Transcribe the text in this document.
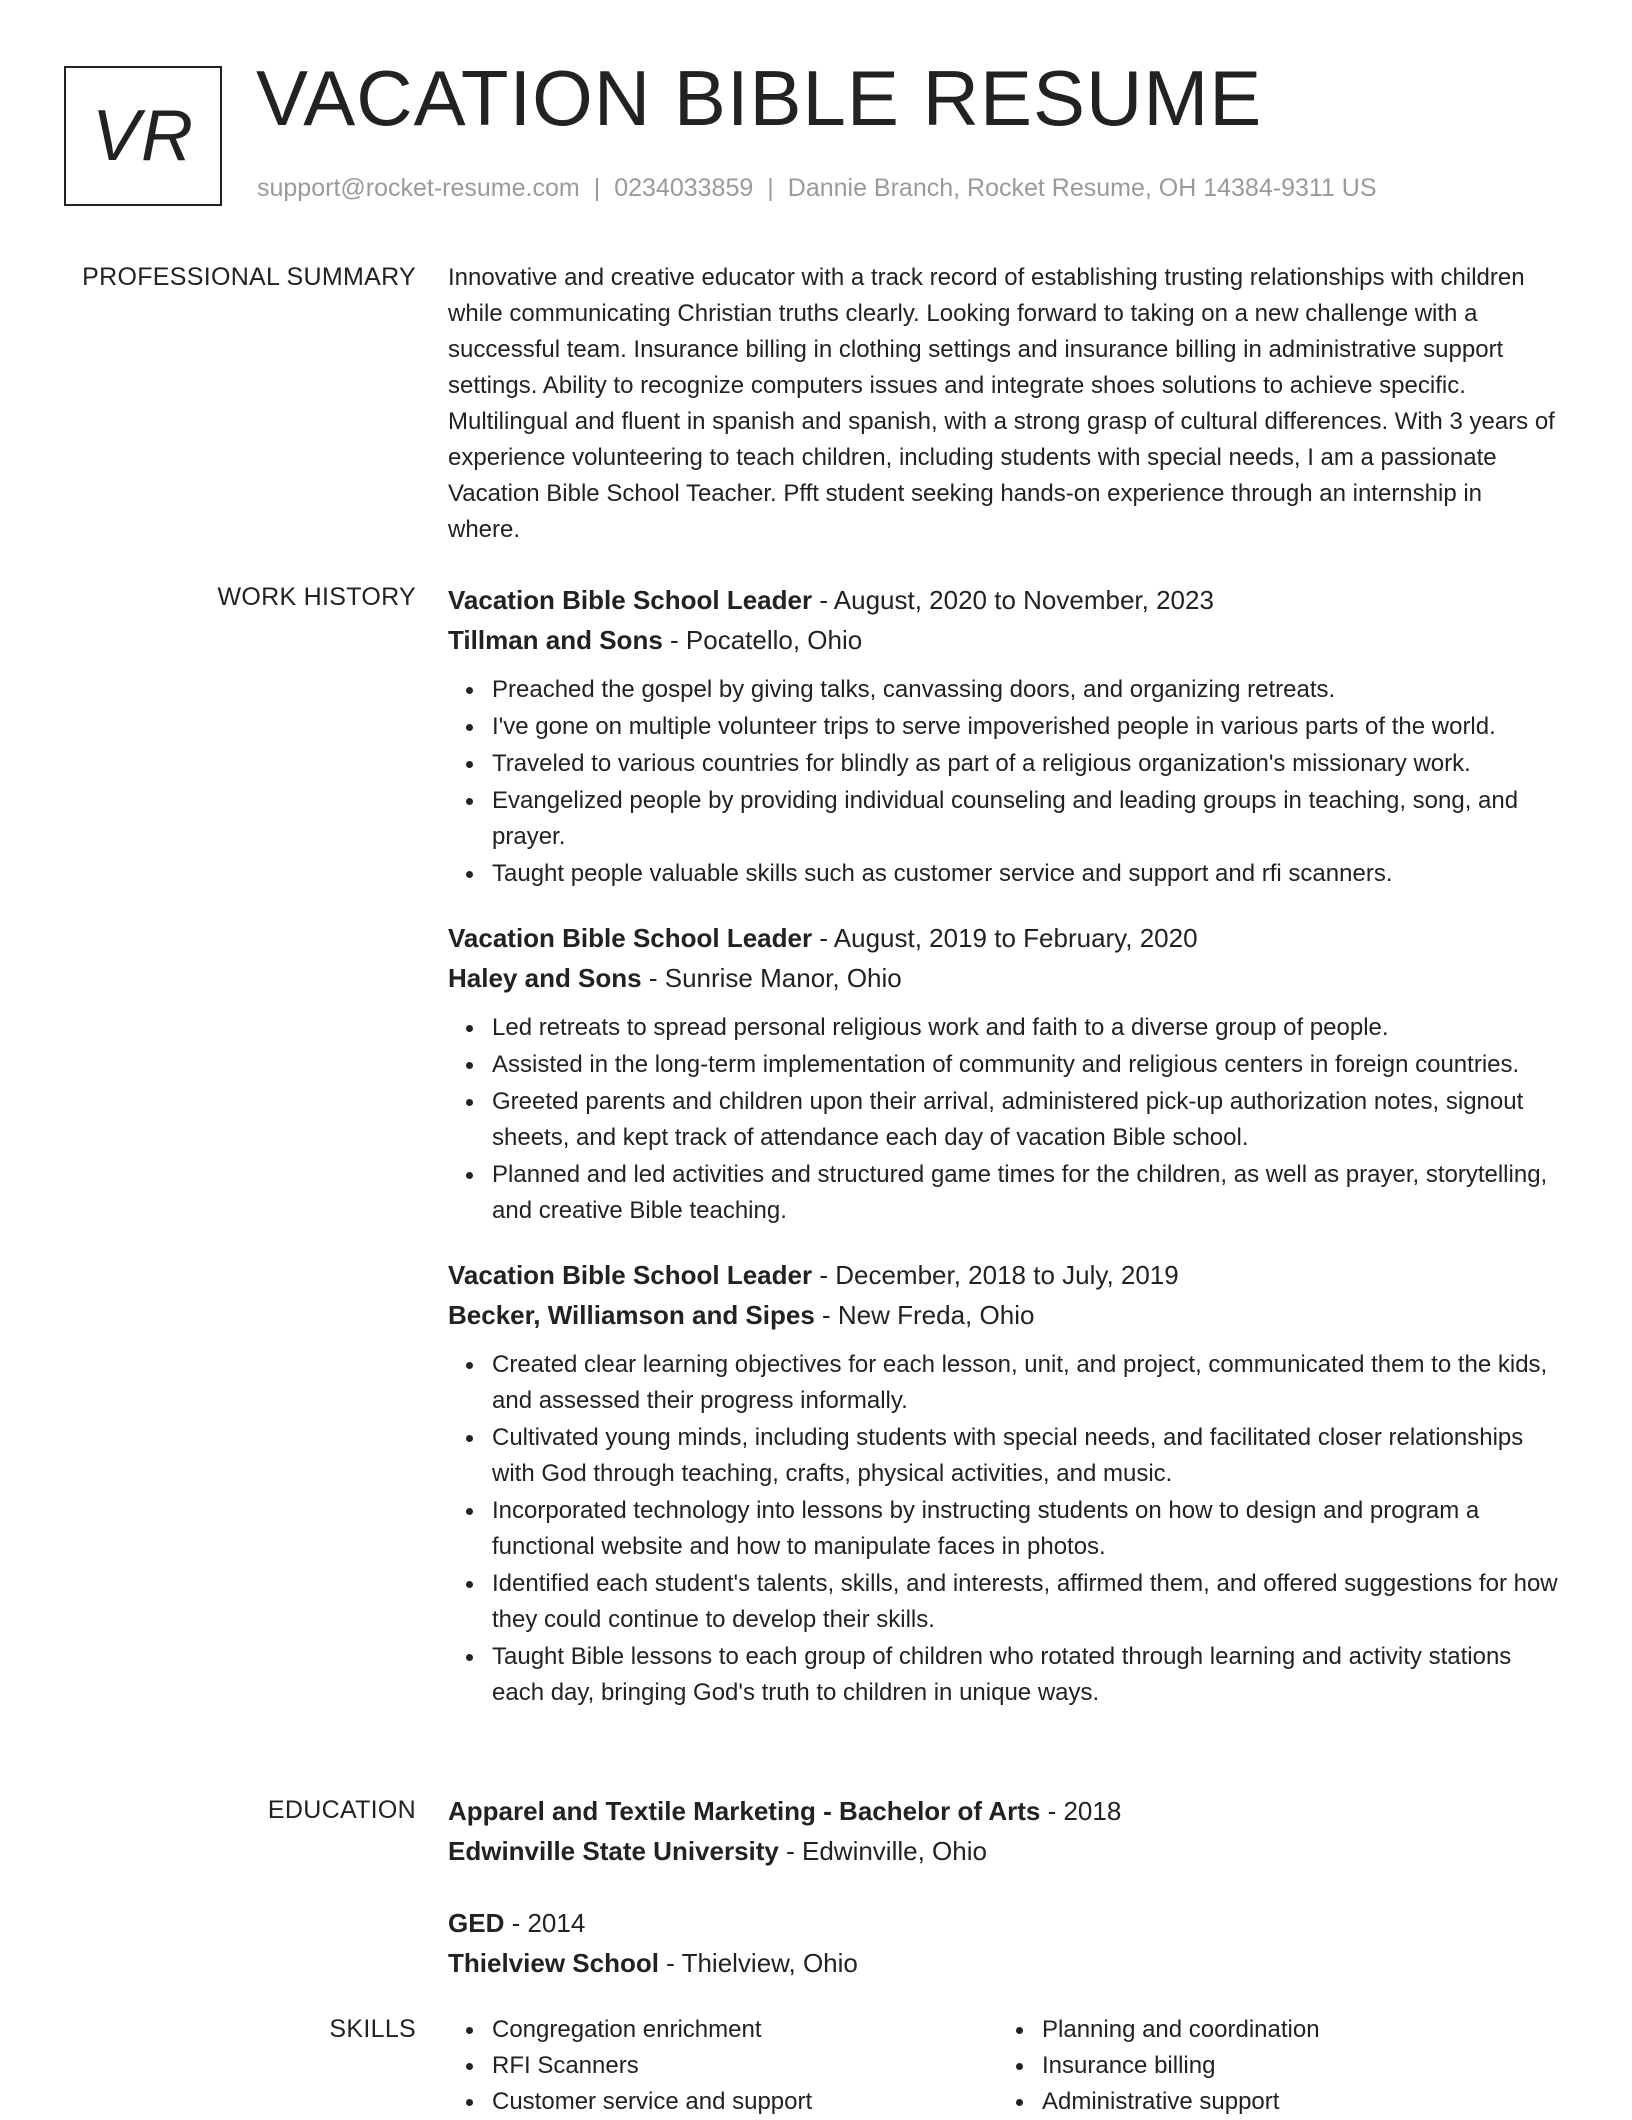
VR VACATION BIBLE RESUME
support@rocket-resume.com | 0234033859 | Dannie Branch, Rocket Resume, OH 14384-9311 US
PROFESSIONAL SUMMARY Innovative and creative educator with a track record of establishing trusting relationships with children while communicating Christian truths clearly. Looking forward to taking on a new challenge with a successful team. Insurance billing in clothing settings and insurance billing in administrative support settings. Ability to recognize computers issues and integrate shoes solutions to achieve specific. Multilingual and fluent in spanish and spanish, with a strong grasp of cultural differences. With 3 years of experience volunteering to teach children, including students with special needs, I am a passionate Vacation Bible School Teacher. Pfft student seeking hands-on experience through an internship in where.

WORK HISTORY Vacation Bible School Leader - August, 2020 to November, 2023
Tillman and Sons - Pocatello, Ohio
Preached the gospel by giving talks, canvassing doors, and organizing retreats.
I've gone on multiple volunteer trips to serve impoverished people in various parts of the world.
Traveled to various countries for blindly as part of a religious organization's missionary work.
Evangelized people by providing individual counseling and leading groups in teaching, song, and prayer.
Taught people valuable skills such as customer service and support and rfi scanners.
Vacation Bible School Leader - August, 2019 to February, 2020
Haley and Sons - Sunrise Manor, Ohio
Led retreats to spread personal religious work and faith to a diverse group of people.
Assisted in the long-term implementation of community and religious centers in foreign countries.
Greeted parents and children upon their arrival, administered pick-up authorization notes, signout sheets, and kept track of attendance each day of vacation Bible school.
Planned and led activities and structured game times for the children, as well as prayer, storytelling, and creative Bible teaching.
Vacation Bible School Leader - December, 2018 to July, 2019
Becker, Williamson and Sipes - New Freda, Ohio
Created clear learning objectives for each lesson, unit, and project, communicated them to the kids, and assessed their progress informally.
Cultivated young minds, including students with special needs, and facilitated closer relationships with God through teaching, crafts, physical activities, and music.
Incorporated technology into lessons by instructing students on how to design and program a functional website and how to manipulate faces in photos.
Identified each student's talents, skills, and interests, affirmed them, and offered suggestions for how they could continue to develop their skills.
Taught Bible lessons to each group of children who rotated through learning and activity stations each day, bringing God's truth to children in unique ways.
EDUCATION Apparel and Textile Marketing - Bachelor of Arts - 2018
Edwinville State University - Edwinville, Ohio
GED - 2014
Thielview School - Thielview, Ohio
SKILLS	Congregation enrichment
RFI Scanners
Customer service and support
Planning and coordination
Insurance billing
Administrative support
